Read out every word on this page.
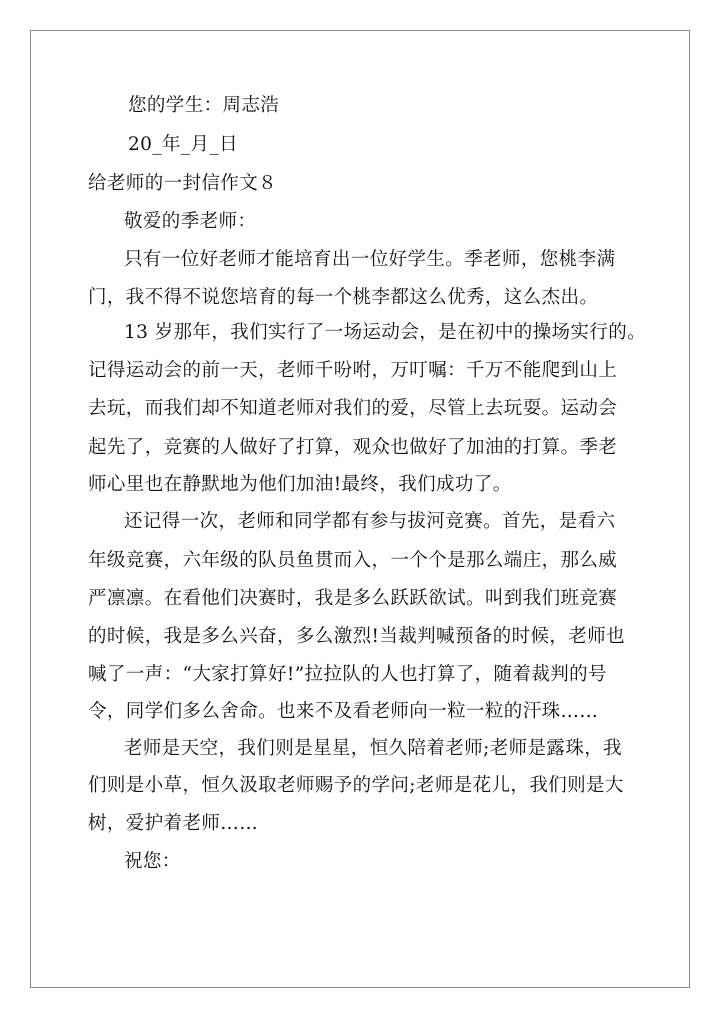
您的学生：周志浩
20_年_月_日
给老师的一封信作文８
敬爱的季老师：
只有一位好老师才能培育出一位好学生。季老师，您桃李满
门，我不得不说您培育的每一个桃李都这么优秀，这么杰出。
13 岁那年，我们实行了一场运动会，是在初中的操场实行的。
记得运动会的前一天，老师千吩咐，万叮嘱：千万不能爬到山上
去玩，而我们却不知道老师对我们的爱，尽管上去玩耍。运动会
起先了，竞赛的人做好了打算，观众也做好了加油的打算。季老
师心里也在静默地为他们加油!最终，我们成功了。
还记得一次，老师和同学都有参与拔河竞赛。首先，是看六
年级竞赛，六年级的队员鱼贯而入，一个个是那么端庄，那么威
严凛凛。在看他们决赛时，我是多么跃跃欲试。叫到我们班竞赛
的时候，我是多么兴奋，多么激烈!当裁判喊预备的时候，老师也
喊了一声：“大家打算好!”拉拉队的人也打算了，随着裁判的号
令，同学们多么舍命。也来不及看老师向一粒一粒的汗珠……
老师是天空，我们则是星星，恒久陪着老师;老师是露珠，我
们则是小草，恒久汲取老师赐予的学问;老师是花儿，我们则是大
树，爱护着老师……
祝您：
